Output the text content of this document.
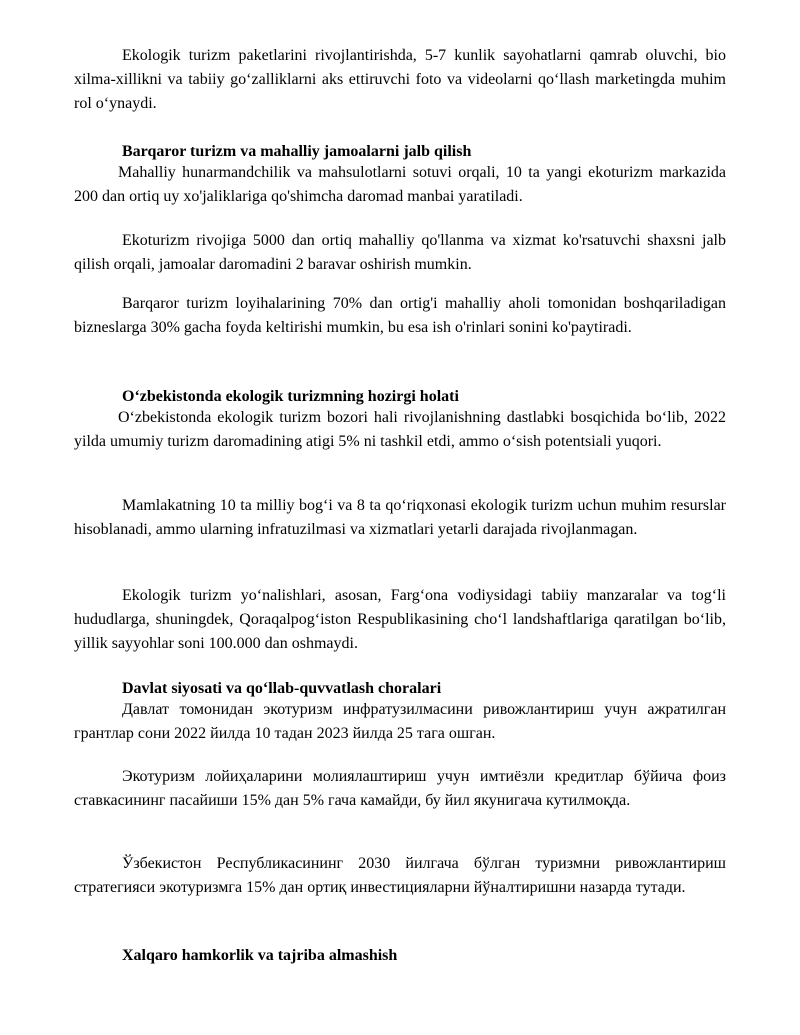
Ekologik turizm paketlarini rivojlantirishda, 5-7 kunlik sayohatlarni qamrab oluvchi, bio xilma-xillikni va tabiiy go‘zalliklarni aks ettiruvchi foto va videolarni qo‘llash marketingda muhim rol o‘ynaydi.

Barqaror turizm va mahalliy jamoalarni jalb qilish

Mahalliy hunarmandchilik va mahsulotlarni sotuvi orqali, 10 ta yangi ekoturizm markazida 200 dan ortiq uy xo'jaliklariga qo'shimcha daromad manbai yaratiladi.

Ekoturizm rivojiga 5000 dan ortiq mahalliy qo'llanma va xizmat ko'rsatuvchi shaxsni jalb qilish orqali, jamoalar daromadini 2 baravar oshirish mumkin.

Barqaror turizm loyihalarining 70% dan ortig'i mahalliy aholi tomonidan boshqariladigan bizneslarga 30% gacha foyda keltirishi mumkin, bu esa ish o'rinlari sonini ko'paytiradi.

O‘zbekistonda ekologik turizmning hozirgi holati

O‘zbekistonda ekologik turizm bozori hali rivojlanishning dastlabki bosqichida bo‘lib, 2022 yilda umumiy turizm daromadining atigi 5% ni tashkil etdi, ammo o‘sish potentsiali yuqori.

Mamlakatning 10 ta milliy bog‘i va 8 ta qo‘riqxonasi ekologik turizm uchun muhim resurslar hisoblanadi, ammo ularning infratuzilmasi va xizmatlari yetarli darajada rivojlanmagan.

Ekologik turizm yo‘nalishlari, asosan, Farg‘ona vodiysidagi tabiiy manzaralar va tog‘li hududlarga, shuningdek, Qoraqalpog‘iston Respublikasining cho‘l landshaftlariga qaratilgan bo‘lib, yillik sayyohlar soni 100.000 dan oshmaydi.

Davlat siyosati va qo‘llab-quvvatlash choralari

Давлат томонидан экотуризм инфратузилмасини ривожлантириш учун ажратилган грантлар сони 2022 йилда 10 тадан 2023 йилда 25 тага ошган.

Экотуризм лойиҳаларини молиялаштириш учун имтиёзли кредитлар бўйича фоиз ставкасининг пасайиши 15% дан 5% гача камайди, бу йил якунигача кутилмоқда.

Ўзбекистон Республикасининг 2030 йилгача бўлган туризмни ривожлантириш стратегияси экотуризмга 15% дан ортиқ инвестицияларни йўналтиришни назарда тутади.

Xalqaro hamkorlik va tajriba almashish
